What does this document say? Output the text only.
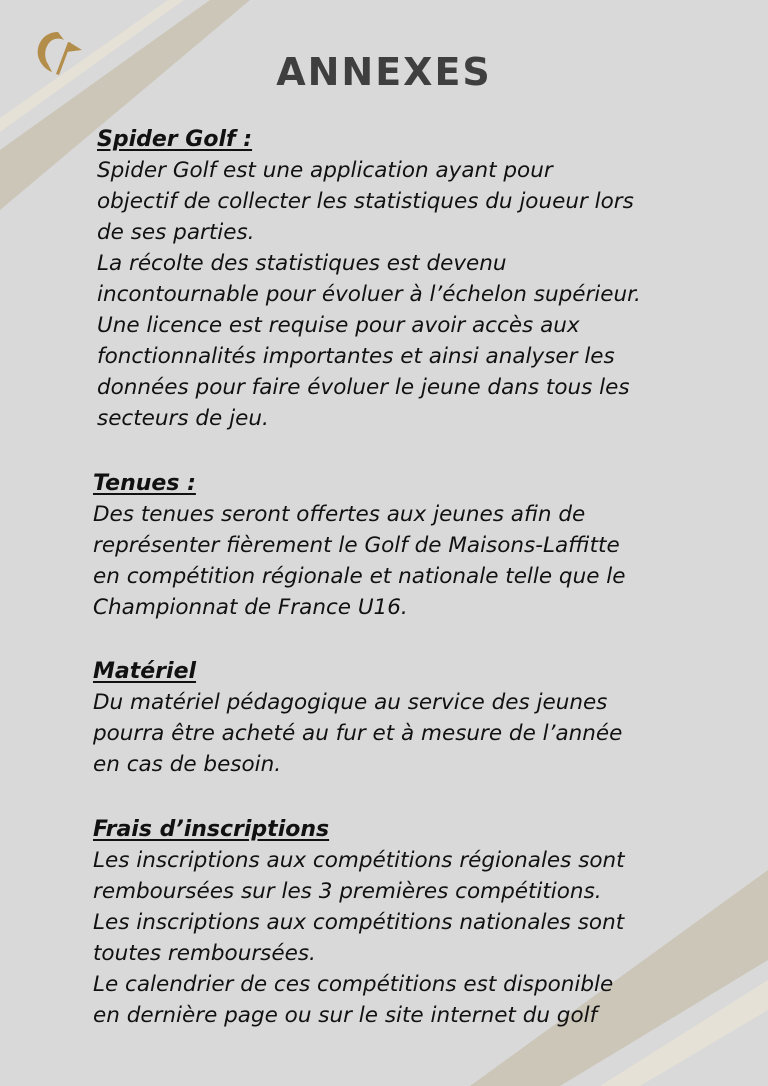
ANNEXES
Spider Golf :

Spider Golf est une application ayant pour

objectif de collecter les statistiques du joueur lors

de ses parties.

La récolte des statistiques est devenu

incontournable pour évoluer à l’échelon supérieur.

Une licence est requise pour avoir accès aux

fonctionnalités importantes et ainsi analyser les

données pour faire évoluer le jeune dans tous les

secteurs de jeu.

Tenues :

Des tenues seront offertes aux jeunes afin de

représenter fièrement le Golf de Maisons-Laffitte

en compétition régionale et nationale telle que le

Championnat de France U16.

Matériel

Du matériel pédagogique au service des jeunes

pourra être acheté au fur et à mesure de l’année

en cas de besoin.

Frais d’inscriptions

Les inscriptions aux compétitions régionales sont

remboursées sur les 3 premières compétitions.

Les inscriptions aux compétitions nationales sont

toutes remboursées.

Le calendrier de ces compétitions est disponible

en dernière page ou sur le site internet du golf
